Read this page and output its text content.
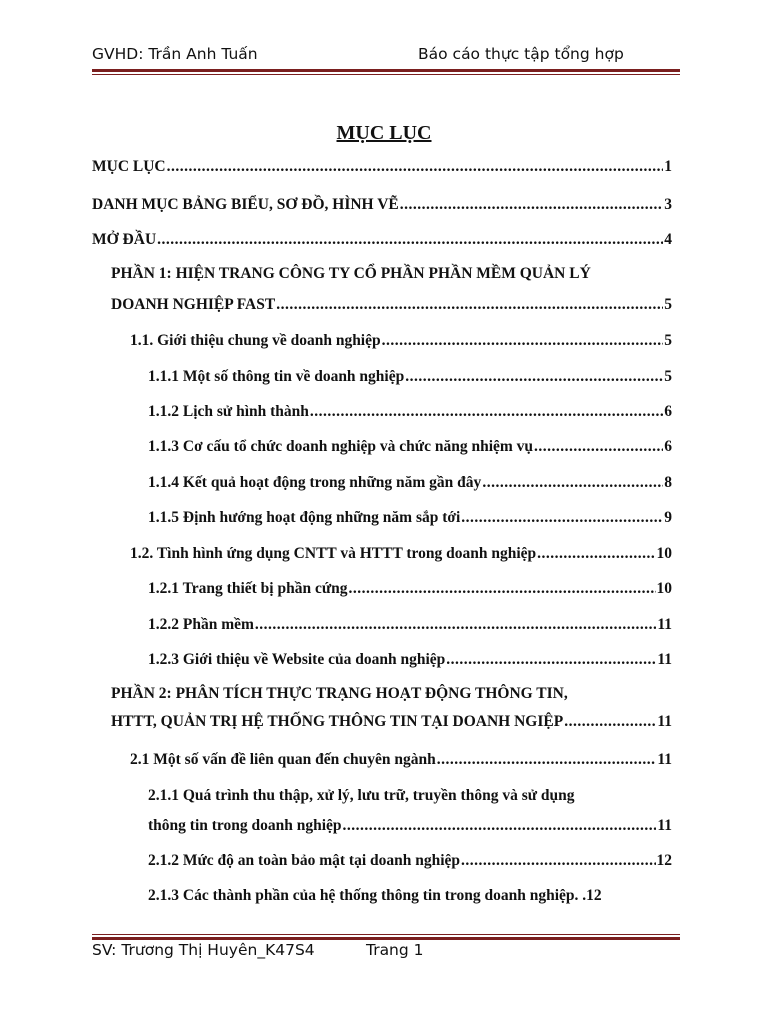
GVHD: Trần Anh Tuấn	Báo cáo thực tập tổng hợp
MỤC LỤC
MỤC LỤC .....	1
DANH MỤC BẢNG BIỂU, SƠ ĐỒ, HÌNH VẼ .....	3
MỞ ĐẦU .....	4
PHẦN 1: HIỆN TRANG CÔNG TY CỔ PHẦN PHẦN MỀM QUẢN LÝ
DOANH NGHIỆP FAST .....	5
1.1. Giới thiệu chung về doanh nghiệp .....	5
1.1.1 Một số thông tin về doanh nghiệp .....	5
1.1.2 Lịch sử hình thành .....	6
1.1.3 Cơ cấu tổ chức doanh nghiệp và chức năng nhiệm vụ .....	6
1.1.4 Kết quả hoạt động trong những năm gần đây .....	8
1.1.5 Định hướng hoạt động những năm sắp tới .....	9
1.2. Tình hình ứng dụng CNTT và HTTT trong doanh nghiệp .....	10
1.2.1 Trang thiết bị phần cứng .....	10
1.2.2 Phần mềm .....	11
1.2.3 Giới thiệu về Website của doanh nghiệp .....	11
PHẦN 2: PHÂN TÍCH THỰC TRẠNG HOẠT ĐỘNG THÔNG TIN,
HTTT, QUẢN TRỊ HỆ THỐNG THÔNG TIN TẠI DOANH NGIỆP .....	11
2.1 Một số vấn đề liên quan đến chuyên ngành .....	11
2.1.1 Quá trình thu thập, xử lý, lưu trữ, truyền thông và sử dụng
thông tin trong doanh nghiệp .....	11
2.1.2 Mức độ an toàn bảo mật tại doanh nghiệp .....	12
2.1.3 Các thành phần của hệ thống thông tin trong doanh nghiệp. . 12
SV: Trương Thị Huyên_K47S4	Trang 1
